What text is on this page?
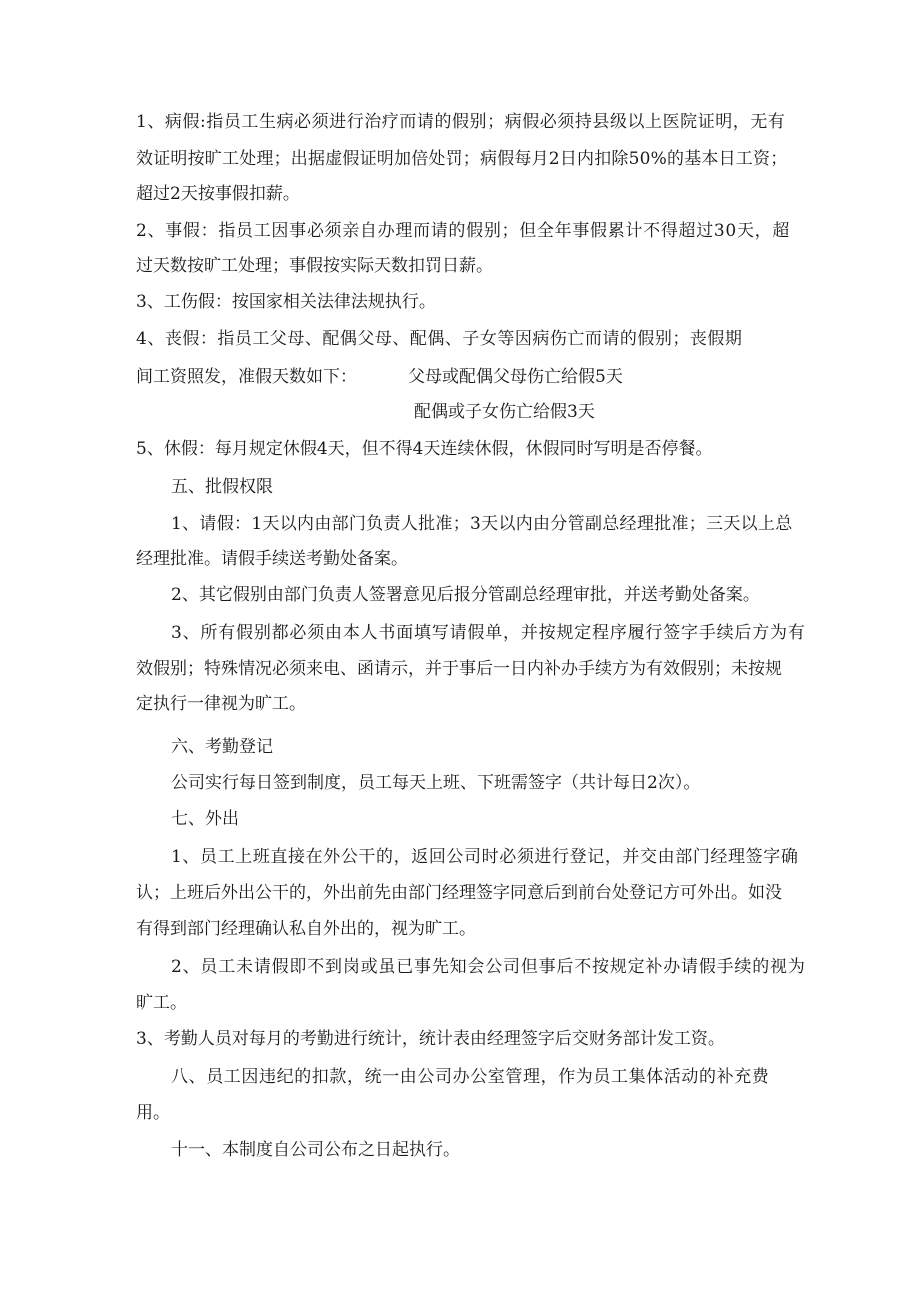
1、病假:指员工生病必须进行治疗而请的假别；病假必须持县级以上医院证明，无有
效证明按旷工处理；出据虚假证明加倍处罚；病假每月2日内扣除50%的基本日工资；
超过2天按事假扣薪。
2、事假：指员工因事必须亲自办理而请的假别；但全年事假累计不得超过30天，超
过天数按旷工处理；事假按实际天数扣罚日薪。
3、工伤假：按国家相关法律法规执行。
4、丧假：指员工父母、配偶父母、配偶、子女等因病伤亡而请的假别；丧假期
间工资照发，准假天数如下：	父母或配偶父母伤亡给假5天
配偶或子女伤亡给假3天
5、休假：每月规定休假4天，但不得4天连续休假，休假同时写明是否停餐。
五、批假权限
1、请假：1天以内由部门负责人批准；3天以内由分管副总经理批准；三天以上总
经理批准。请假手续送考勤处备案。
2、其它假别由部门负责人签署意见后报分管副总经理审批，并送考勤处备案。
3、所有假别都必须由本人书面填写请假单，并按规定程序履行签字手续后方为有
效假别；特殊情况必须来电、函请示，并于事后一日内补办手续方为有效假别；未按规
定执行一律视为旷工。
六、考勤登记
公司实行每日签到制度，员工每天上班、下班需签字（共计每日2次）。
七、外出
1、员工上班直接在外公干的，返回公司时必须进行登记，并交由部门经理签字确
认；上班后外出公干的，外出前先由部门经理签字同意后到前台处登记方可外出。如没
有得到部门经理确认私自外出的，视为旷工。
2、员工未请假即不到岗或虽已事先知会公司但事后不按规定补办请假手续的视为
旷工。
3、考勤人员对每月的考勤进行统计，统计表由经理签字后交财务部计发工资。
八、员工因违纪的扣款，统一由公司办公室管理，作为员工集体活动的补充费
用。
十一、本制度自公司公布之日起执行。
